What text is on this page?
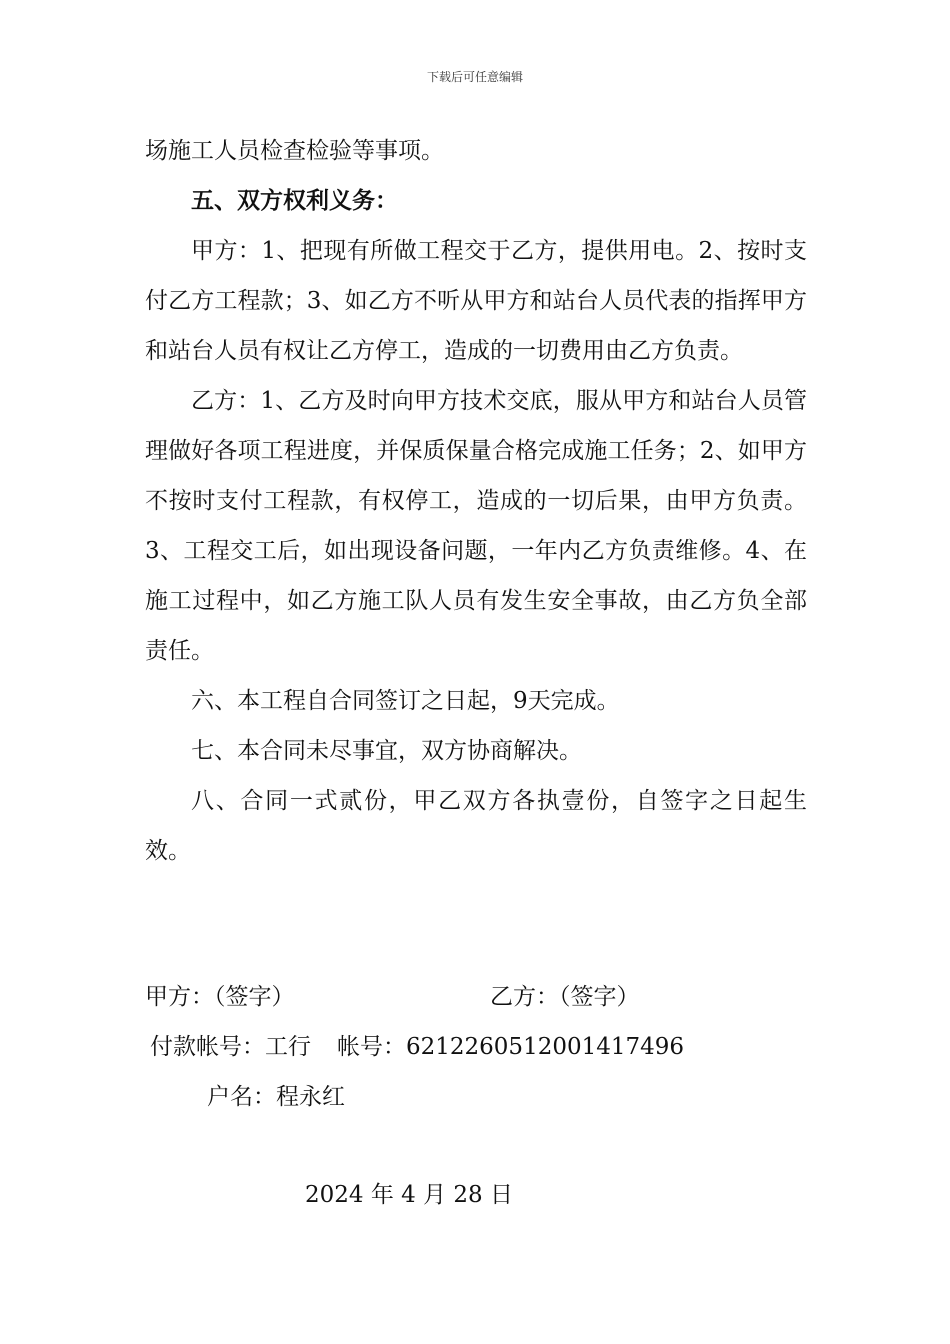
下载后可任意编辑

场施工人员检查检验等事项。

五、双方权利义务：

甲方：1、把现有所做工程交于乙方，提供用电。2、按时支付乙方工程款；3、如乙方不听从甲方和站台人员代表的指挥甲方和站台人员有权让乙方停工，造成的一切费用由乙方负责。

乙方：1、乙方及时向甲方技术交底，服从甲方和站台人员管理做好各项工程进度，并保质保量合格完成施工任务；2、如甲方不按时支付工程款，有权停工，造成的一切后果，由甲方负责。3、工程交工后，如出现设备问题，一年内乙方负责维修。4、在施工过程中，如乙方施工队人员有发生安全事故，由乙方负全部责任。

六、本工程自合同签订之日起，9天完成。

七、本合同未尽事宜，双方协商解决。

八、合同一式贰份，甲乙双方各执壹份，自签字之日起生效。

甲方：（签字）	乙方：（签字）
付款帐号：工行 帐号：6212260512001417496
户名：程永红
2024 年 4 月 28 日
